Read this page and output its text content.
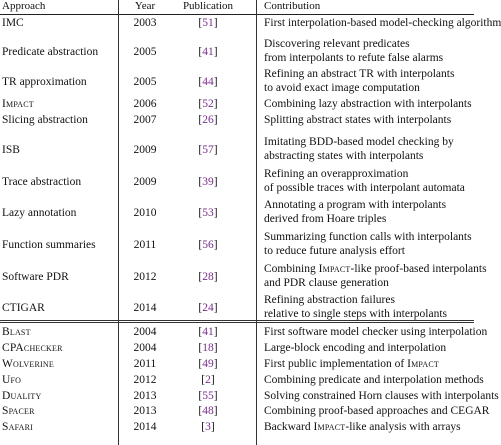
Approach	Year	Publication	Contribution
IMC	2003	[51]	First interpolation-based model-checking algorithm
Predicate abstraction	2005	[41]
Discovering relevant predicates
from interpolants to refute false alarms
TR approximation	2005	[44]
Refining an abstract TR with interpolants
to avoid exact image computation
Impact	2006	[52]	Combining lazy abstraction with interpolants
Slicing abstraction	2007	[26]	Splitting abstract states with interpolants
ISB	2009	[57]
Imitating BDD-based model checking by
abstracting states with interpolants
Trace abstraction	2009	[39]
Refining an overapproximation
of possible traces with interpolant automata
Lazy annotation	2010	[53]
Annotating a program with interpolants
derived from Hoare triples
Function summaries	2011	[56]
Summarizing function calls with interpolants
to reduce future analysis effort
Software PDR	2012	[28]
Combining Impact-like proof-based interpolants
and PDR clause generation
CTIGAR	2014	[24]
Refining abstraction failures
relative to single steps with interpolants
Blast	2004	[41]	First software model checker using interpolation
CPAchecker	2004	[18]	Large-block encoding and interpolation
Wolverine	2011	[49]	First public implementation of Impact
Ufo	2012	[2]	Combining predicate and interpolation methods
Duality	2013	[55]	Solving constrained Horn clauses with interpolants
Spacer	2013	[48]	Combining proof-based approaches and CEGAR
Safari	2014	[3]	Backward Impact-like analysis with arrays
